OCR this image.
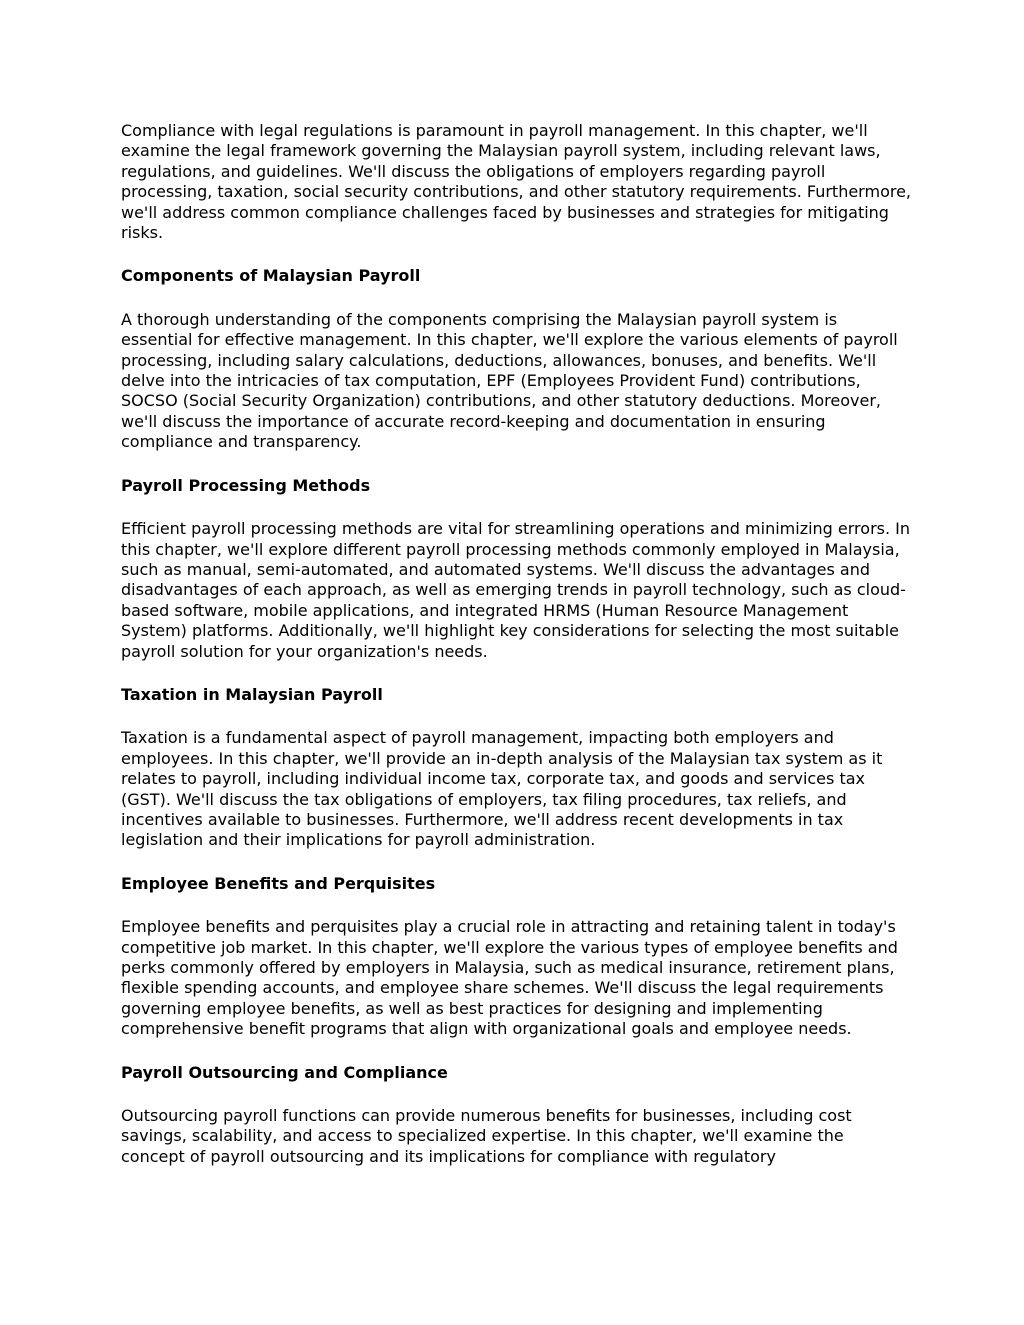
Compliance with legal regulations is paramount in payroll management. In this chapter, we'll examine the legal framework governing the Malaysian payroll system, including relevant laws, regulations, and guidelines. We'll discuss the obligations of employers regarding payroll processing, taxation, social security contributions, and other statutory requirements. Furthermore, we'll address common compliance challenges faced by businesses and strategies for mitigating risks.

Components of Malaysian Payroll

A thorough understanding of the components comprising the Malaysian payroll system is essential for effective management. In this chapter, we'll explore the various elements of payroll processing, including salary calculations, deductions, allowances, bonuses, and benefits. We'll delve into the intricacies of tax computation, EPF (Employees Provident Fund) contributions, SOCSO (Social Security Organization) contributions, and other statutory deductions. Moreover, we'll discuss the importance of accurate record-keeping and documentation in ensuring compliance and transparency.

Payroll Processing Methods

Efficient payroll processing methods are vital for streamlining operations and minimizing errors. In this chapter, we'll explore different payroll processing methods commonly employed in Malaysia, such as manual, semi-automated, and automated systems. We'll discuss the advantages and disadvantages of each approach, as well as emerging trends in payroll technology, such as cloud-based software, mobile applications, and integrated HRMS (Human Resource Management System) platforms. Additionally, we'll highlight key considerations for selecting the most suitable payroll solution for your organization's needs.

Taxation in Malaysian Payroll

Taxation is a fundamental aspect of payroll management, impacting both employers and employees. In this chapter, we'll provide an in-depth analysis of the Malaysian tax system as it relates to payroll, including individual income tax, corporate tax, and goods and services tax (GST). We'll discuss the tax obligations of employers, tax filing procedures, tax reliefs, and incentives available to businesses. Furthermore, we'll address recent developments in tax legislation and their implications for payroll administration.

Employee Benefits and Perquisites

Employee benefits and perquisites play a crucial role in attracting and retaining talent in today's competitive job market. In this chapter, we'll explore the various types of employee benefits and perks commonly offered by employers in Malaysia, such as medical insurance, retirement plans, flexible spending accounts, and employee share schemes. We'll discuss the legal requirements governing employee benefits, as well as best practices for designing and implementing comprehensive benefit programs that align with organizational goals and employee needs.

Payroll Outsourcing and Compliance

Outsourcing payroll functions can provide numerous benefits for businesses, including cost savings, scalability, and access to specialized expertise. In this chapter, we'll examine the concept of payroll outsourcing and its implications for compliance with regulatory
